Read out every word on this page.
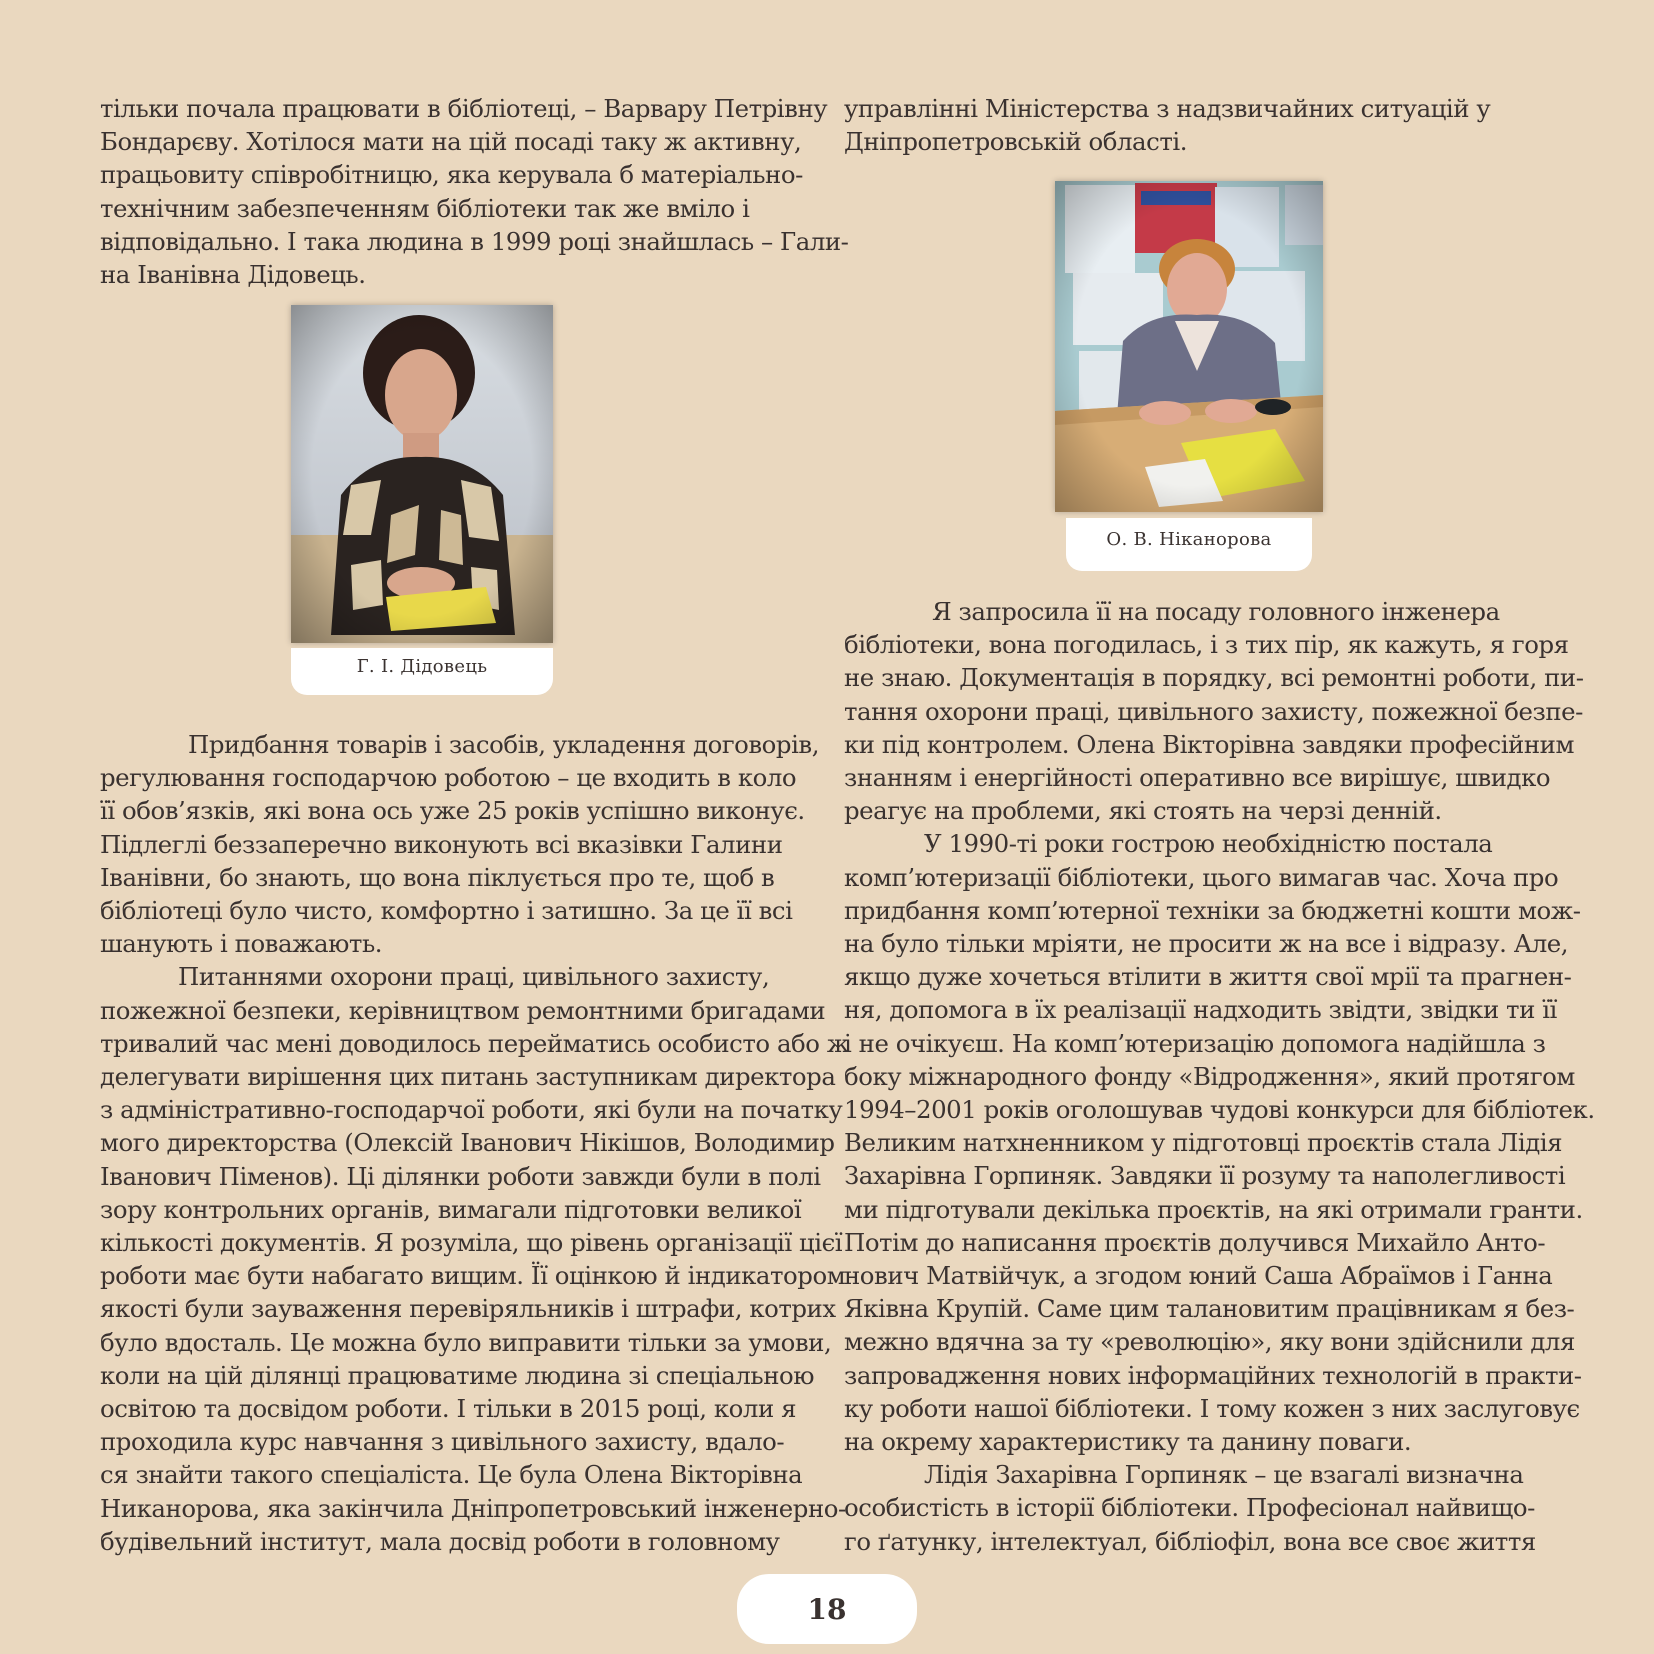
тільки почала працювати в бібліотеці, – Варвару Петрівну
Бондарєву. Хотілося мати на цій посаді таку ж активну,
працьовиту співробітницю, яка керувала б матеріально-
технічним забезпеченням бібліотеки так же вміло і
відповідально. І така людина в 1999 році знайшлась – Гали-
на Іванівна Дідовець.
Г. І. Дідовець
Придбання товарів і засобів, укладення договорів,
регулювання господарчою роботою – це входить в коло
її обов’язків, які вона ось уже 25 років успішно виконує.
Підлеглі беззаперечно виконують всі вказівки Галини
Іванівни, бо знають, що вона піклується про те, щоб в
бібліотеці було чисто, комфортно і затишно. За це її всі
шанують і поважають.
Питаннями охорони праці, цивільного захисту,
пожежної безпеки, керівництвом ремонтними бригадами
тривалий час мені доводилось перейматись особисто або ж
делегувати вирішення цих питань заступникам директора
з адміністративно-господарчої роботи, які були на початку
мого директорства (Олексій Іванович Нікішов, Володимир
Іванович Піменов). Ці ділянки роботи завжди були в полі
зору контрольних органів, вимагали підготовки великої
кількості документів. Я розуміла, що рівень організації цієї
роботи має бути набагато вищим. Її оцінкою й індикатором
якості були зауваження перевіряльників і штрафи, котрих
було вдосталь. Це можна було виправити тільки за умови,
коли на цій ділянці працюватиме людина зі спеціальною
освітою та досвідом роботи. І тільки в 2015 році, коли я
проходила курс навчання з цивільного захисту, вдало-
ся знайти такого спеціаліста. Це була Олена Вікторівна
Никанорова, яка закінчила Дніпропетровський інженерно-
будівельний інститут, мала досвід роботи в головному
управлінні Міністерства з надзвичайних ситуацій у
Дніпропетровській області.
О. В. Ніканорова
Я запросила її на посаду головного інженера
бібліотеки, вона погодилась, і з тих пір, як кажуть, я горя
не знаю. Документація в порядку, всі ремонтні роботи, пи-
тання охорони праці, цивільного захисту, пожежної безпе-
ки під контролем. Олена Вікторівна завдяки професійним
знанням і енергійності оперативно все вирішує, швидко
реагує на проблеми, які стоять на черзі денній.
У 1990-ті роки гострою необхідністю постала
комп’ютеризації бібліотеки, цього вимагав час. Хоча про
придбання комп’ютерної техніки за бюджетні кошти мож-
на було тільки мріяти, не просити ж на все і відразу. Але,
якщо дуже хочеться втілити в життя свої мрії та прагнен-
ня, допомога в їх реалізації надходить звідти, звідки ти її
і не очікуєш. На комп’ютеризацію допомога надійшла з
боку міжнародного фонду «Відродження», який протягом
1994–2001 років оголошував чудові конкурси для бібліотек.
Великим натхненником у підготовці проєктів стала Лідія
Захарівна Горпиняк. Завдяки її розуму та наполегливості
ми підготували декілька проєктів, на які отримали гранти.
Потім до написання проєктів долучився Михайло Анто-
нович Матвійчук, а згодом юний Саша Абраїмов і Ганна
Яківна Крупій. Саме цим талановитим працівникам я без-
межно вдячна за ту «революцію», яку вони здійснили для
запровадження нових інформаційних технологій в практи-
ку роботи нашої бібліотеки. І тому кожен з них заслуговує
на окрему характеристику та данину поваги.
Лідія Захарівна Горпиняк – це взагалі визначна
особистість в історії бібліотеки. Професіонал найвищо-
го ґатунку, інтелектуал, бібліофіл, вона все своє життя
18
